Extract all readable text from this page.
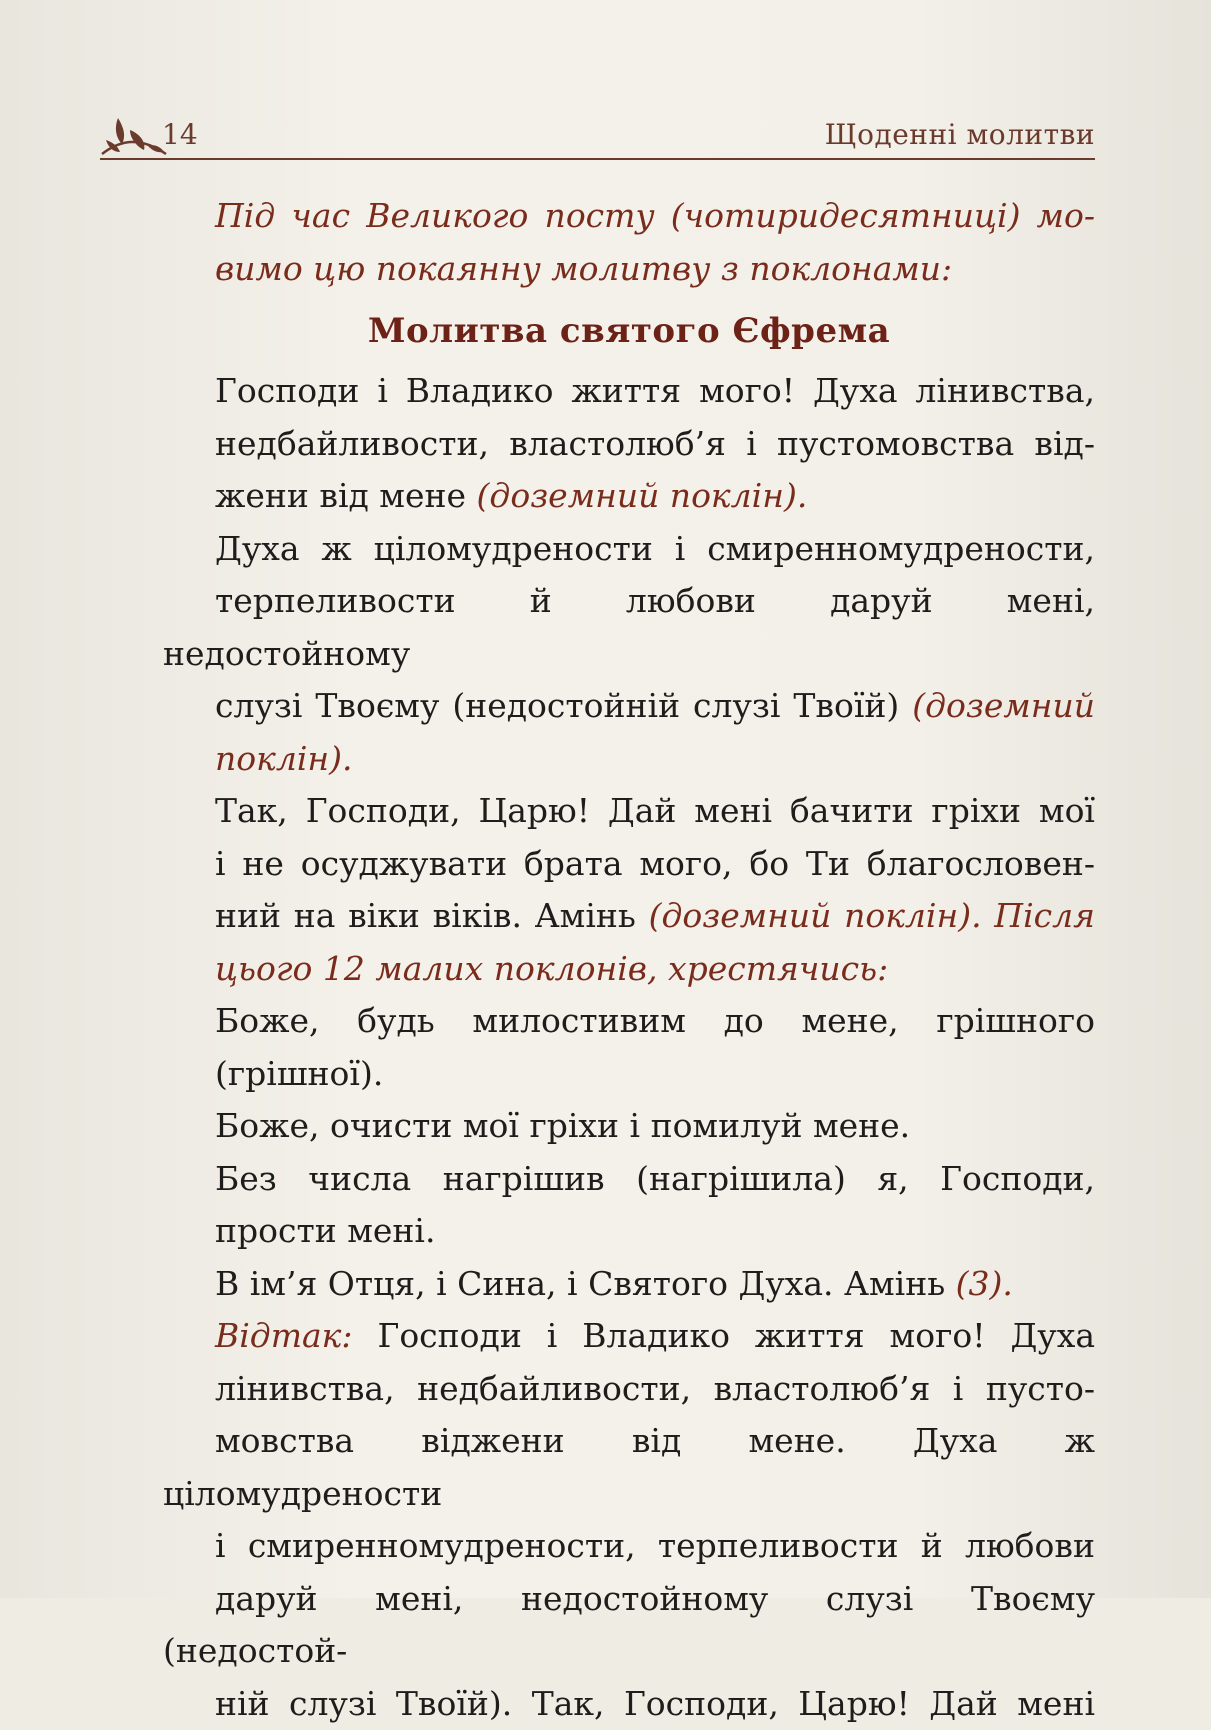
14	Щоденні молитви

Під час Великого посту (чотиридесятниці) мо-
вимо цю покаянну молитву з поклонами:

Молитва святого Єфрема

Господи і Владико життя мого! Духа лінивства,
недбайливости, властолюб’я і пустомовства від-
жени від мене (доземний поклін).

Духа ж цiломудрености і смиренномудрености,
терпеливости й любови даруй мені, недостойному
слузі Твоєму (недостойній слузі Твоїй) (доземний
поклін).

Так, Господи, Царю! Дай мені бачити гріхи мої
і не осуджувати брата мого, бо Ти благословен-
ний на віки віків. Амінь (доземний поклін). Після
цього 12 малих поклонів, хрестячись:

Боже, будь милостивим до мене, грішного
(грішної).

Боже, очисти мої гріхи і помилуй мене.

Без числа нагрішив (нагрішила) я, Господи,
прости мені.

В ім’я Отця, і Сина, і Святого Духа. Амінь (3).

Відтак: Господи і Владико життя мого! Духа
лінивства, недбайливости, властолюб’я і пусто-
мовства віджени від мене. Духа ж цiломудрености
і смиренномудрености, терпеливости й любови
даруй мені, недостойному слузі Твоєму (недостой-
ній слузі Твоїй). Так, Господи, Царю! Дай мені
